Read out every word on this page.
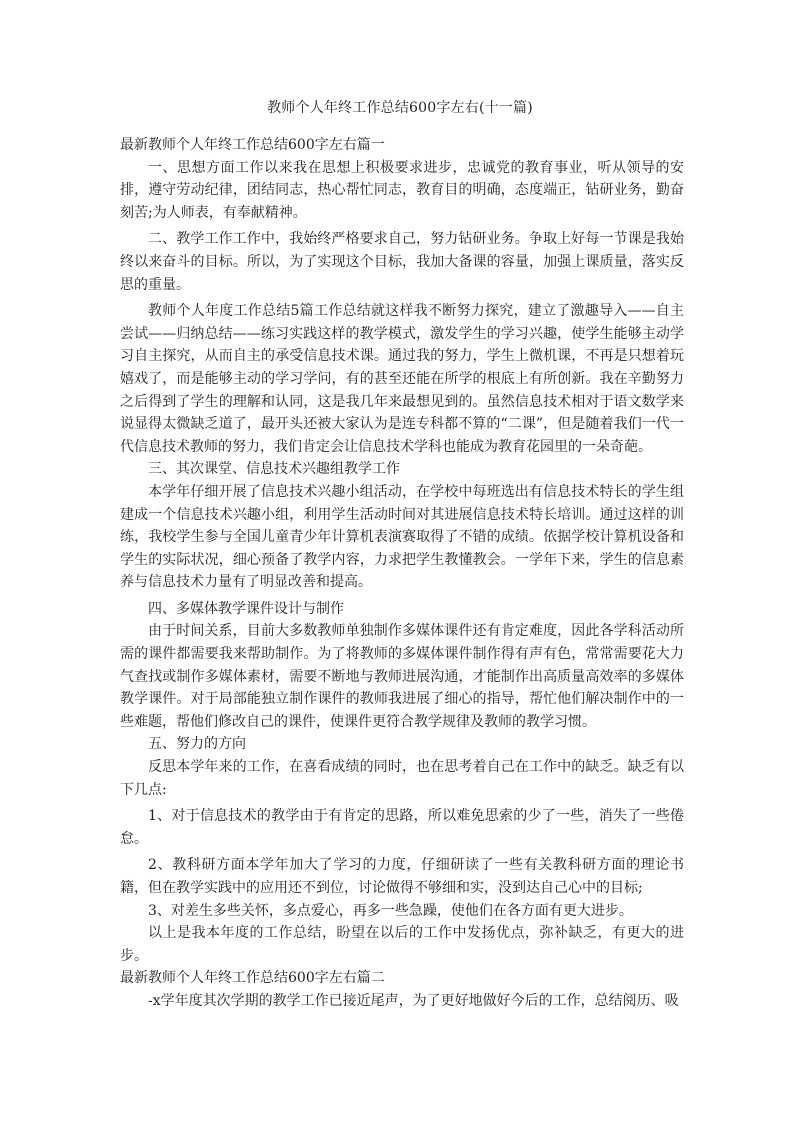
教师个人年终工作总结600字左右(十一篇)

最新教师个人年终工作总结600字左右篇一

一、思想方面工作以来我在思想上积极要求进步，忠诚党的教育事业，听从领导的安排，遵守劳动纪律，团结同志，热心帮忙同志，教育目的明确，态度端正，钻研业务，勤奋刻苦;为人师表，有奉献精神。

二、教学工作工作中，我始终严格要求自己，努力钻研业务。争取上好每一节课是我始终以来奋斗的目标。所以，为了实现这个目标，我加大备课的容量，加强上课质量，落实反思的重量。

教师个人年度工作总结5篇工作总结就这样我不断努力探究，建立了激趣导入——自主尝试——归纳总结——练习实践这样的教学模式，激发学生的学习兴趣，使学生能够主动学习自主探究，从而自主的承受信息技术课。通过我的努力，学生上微机课，不再是只想着玩嬉戏了，而是能够主动的学习学问，有的甚至还能在所学的根底上有所创新。我在辛勤努力之后得到了学生的理解和认同，这是我几年来最想见到的。虽然信息技术相对于语文数学来说显得太微缺乏道了，最开头还被大家认为是连专科都不算的“二课”，但是随着我们一代一代信息技术教师的努力，我们肯定会让信息技术学科也能成为教育花园里的一朵奇葩。

三、其次课堂、信息技术兴趣组教学工作

本学年仔细开展了信息技术兴趣小组活动，在学校中每班选出有信息技术特长的学生组建成一个信息技术兴趣小组，利用学生活动时间对其进展信息技术特长培训。通过这样的训练，我校学生参与全国儿童青少年计算机表演赛取得了不错的成绩。依据学校计算机设备和学生的实际状况，细心预备了教学内容，力求把学生教懂教会。一学年下来，学生的信息素养与信息技术力量有了明显改善和提高。

四、多媒体教学课件设计与制作

由于时间关系，目前大多数教师单独制作多媒体课件还有肯定难度，因此各学科活动所需的课件都需要我来帮助制作。为了将教师的多媒体课件制作得有声有色，常常需要花大力气查找或制作多媒体素材，需要不断地与教师进展沟通，才能制作出高质量高效率的多媒体教学课件。对于局部能独立制作课件的教师我进展了细心的指导，帮忙他们解决制作中的一些难题，帮他们修改自己的课件，使课件更符合教学规律及教师的教学习惯。

五、努力的方向

反思本学年来的工作，在喜看成绩的同时，也在思考着自己在工作中的缺乏。缺乏有以下几点:

1、对于信息技术的教学由于有肯定的思路，所以难免思索的少了一些，消失了一些倦怠。

2、教科研方面本学年加大了学习的力度，仔细研读了一些有关教科研方面的理论书籍，但在教学实践中的应用还不到位，讨论做得不够细和实，没到达自己心中的目标;

3、对差生多些关怀，多点爱心，再多一些急躁，使他们在各方面有更大进步。

以上是我本年度的工作总结，盼望在以后的工作中发扬优点，弥补缺乏，有更大的进步。

最新教师个人年终工作总结600字左右篇二

-x学年度其次学期的教学工作已接近尾声，为了更好地做好今后的工作，总结阅历、吸
